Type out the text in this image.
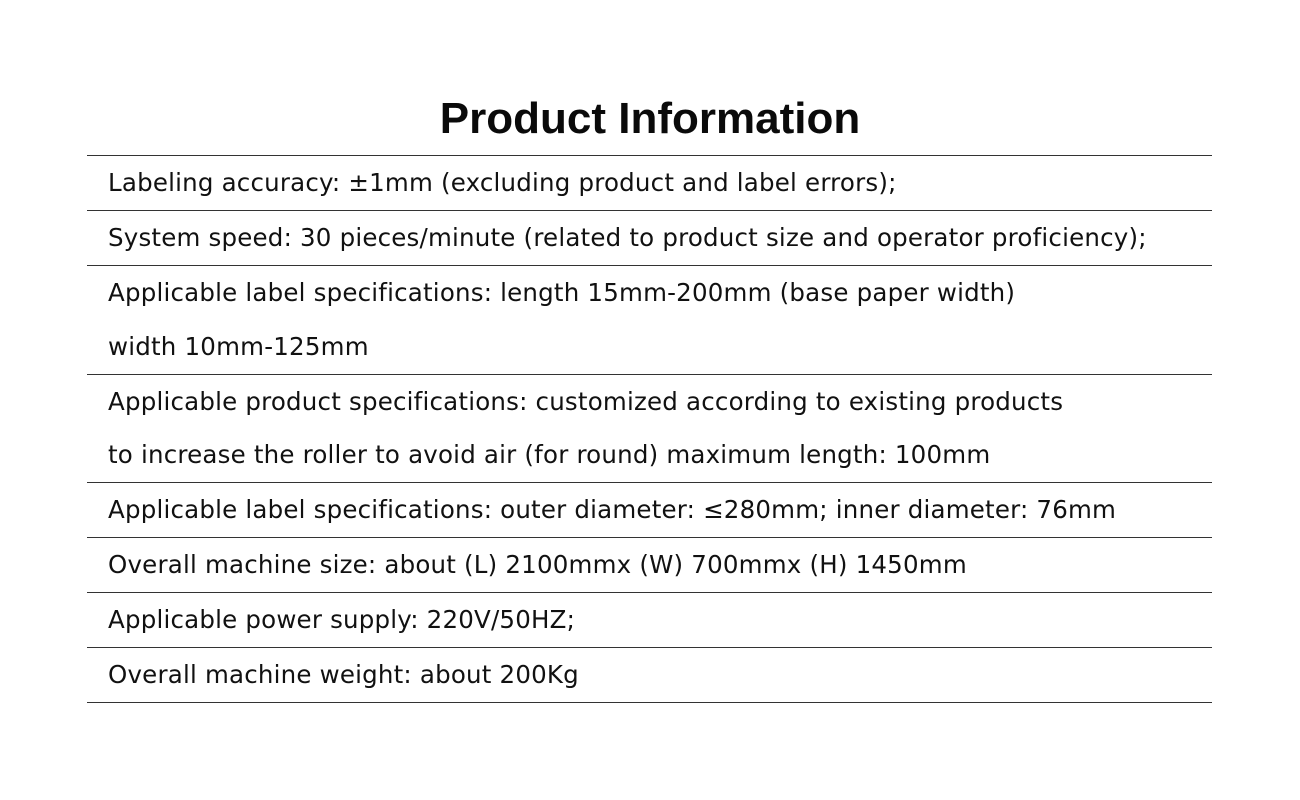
Product Information
Labeling accuracy: ±1mm (excluding product and label errors);
System speed: 30 pieces/minute (related to product size and operator proficiency);
Applicable label specifications: length 15mm-200mm (base paper width)
width 10mm-125mm
Applicable product specifications: customized according to existing products
to increase the roller to avoid air (for round) maximum length: 100mm
Applicable label specifications: outer diameter: ≤280mm; inner diameter: 76mm
Overall machine size: about (L) 2100mmx (W) 700mmx (H) 1450mm
Applicable power supply: 220V/50HZ;
Overall machine weight: about 200Kg
